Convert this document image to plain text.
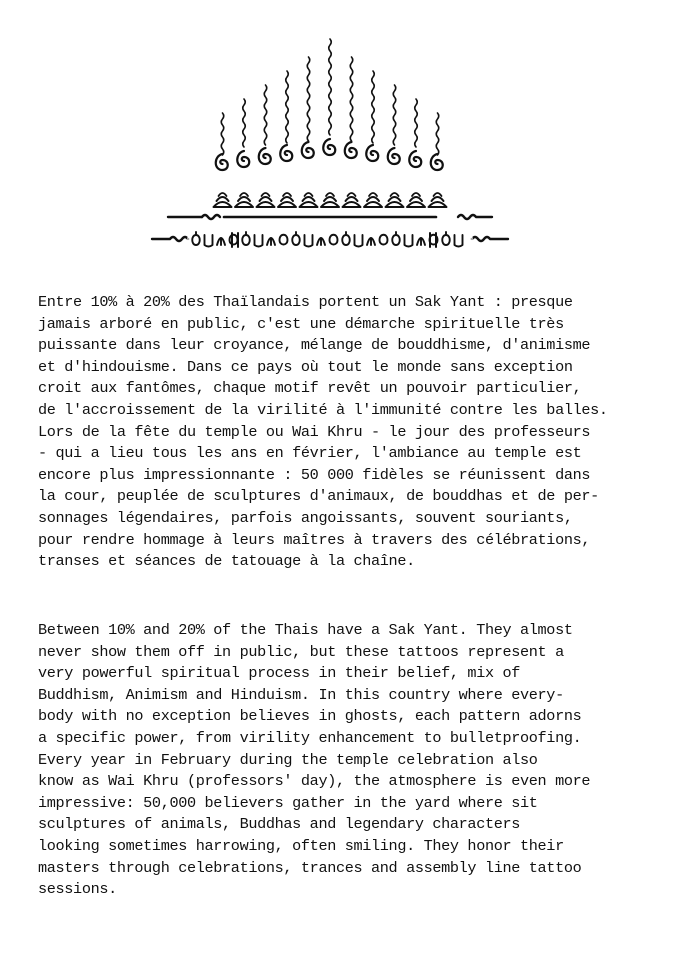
Entre 10% à 20% des Thaïlandais portent un Sak Yant : presque
jamais arboré en public, c'est une démarche spirituelle très
puissante dans leur croyance, mélange de bouddhisme, d'animisme
et d'hindouisme. Dans ce pays où tout le monde sans exception
croit aux fantômes, chaque motif revêt un pouvoir particulier,
de l'accroissement de la virilité à l'immunité contre les balles.
Lors de la fête du temple ou Wai Khru - le jour des professeurs
- qui a lieu tous les ans en février, l'ambiance au temple est
encore plus impressionnante : 50 000 fidèles se réunissent dans
la cour, peuplée de sculptures d'animaux, de bouddhas et de per-
sonnages légendaires, parfois angoissants, souvent souriants,
pour rendre hommage à leurs maîtres à travers des célébrations,
transes et séances de tatouage à la chaîne.
Between 10% and 20% of the Thais have a Sak Yant. They almost
never show them off in public, but these tattoos represent a
very powerful spiritual process in their belief, mix of
Buddhism, Animism and Hinduism. In this country where every-
body with no exception believes in ghosts, each pattern adorns
a specific power, from virility enhancement to bulletproofing.
Every year in February during the temple celebration also
know as Wai Khru (professors' day), the atmosphere is even more
impressive: 50,000 believers gather in the yard where sit
sculptures of animals, Buddhas and legendary characters
looking sometimes harrowing, often smiling. They honor their
masters through celebrations, trances and assembly line tattoo
sessions.
